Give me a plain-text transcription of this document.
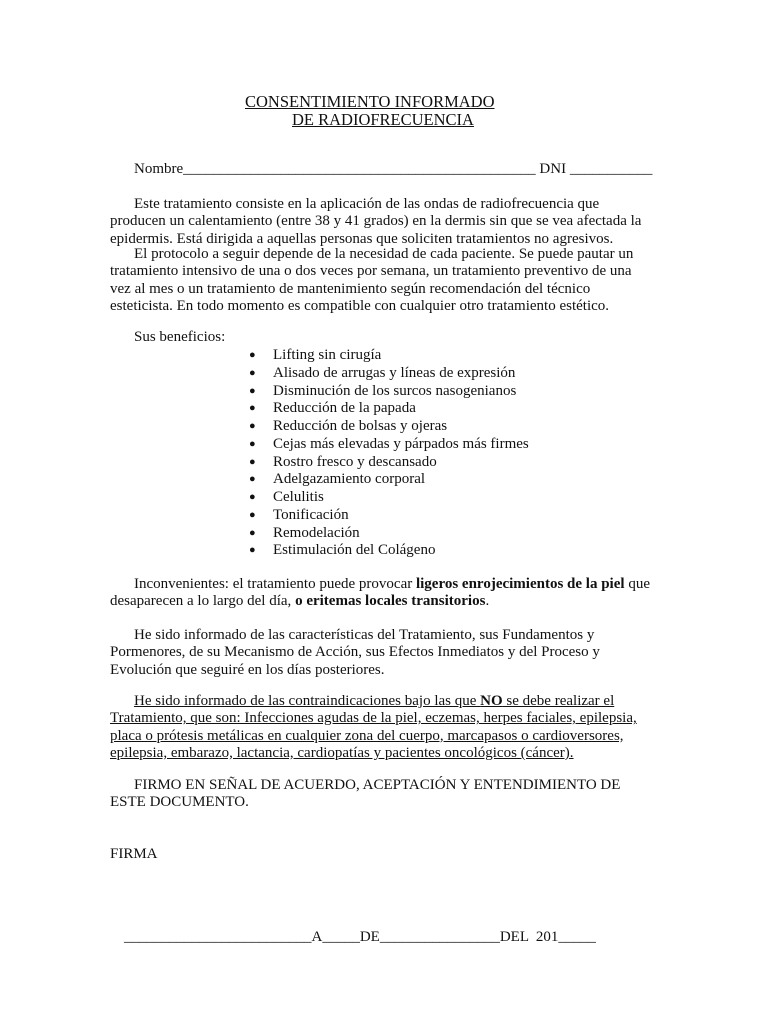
CONSENTIMIENTO INFORMADO
DE RADIOFRECUENCIA
Nombre_______________________________________________ DNI ___________
Este tratamiento consiste en la aplicación de las ondas de radiofrecuencia que producen un calentamiento (entre 38 y 41 grados) en la dermis sin que se vea afectada la epidermis. Está dirigida a aquellas personas que soliciten tratamientos no agresivos.
El protocolo a seguir depende de la necesidad de cada paciente. Se puede pautar un tratamiento intensivo de una o dos veces por semana, un tratamiento preventivo de una vez al mes o un tratamiento de mantenimiento según recomendación del técnico esteticista. En todo momento es compatible con cualquier otro tratamiento estético.
Sus beneficios:
● Lifting sin cirugía
● Alisado de arrugas y líneas de expresión
● Disminución de los surcos nasogenianos
● Reducción de la papada
● Reducción de bolsas y ojeras
● Cejas más elevadas y párpados más firmes
● Rostro fresco y descansado
● Adelgazamiento corporal
● Celulitis
● Tonificación
● Remodelación
● Estimulación del Colágeno
Inconvenientes: el tratamiento puede provocar ligeros enrojecimientos de la piel que desaparecen a lo largo del día, o eritemas locales transitorios.
He sido informado de las características del Tratamiento, sus Fundamentos y Pormenores, de su Mecanismo de Acción, sus Efectos Inmediatos y del Proceso y Evolución que seguiré en los días posteriores.
He sido informado de las contraindicaciones bajo las que NO se debe realizar el Tratamiento, que son: Infecciones agudas de la piel, eczemas, herpes faciales, epilepsia, placa o prótesis metálicas en cualquier zona del cuerpo, marcapasos o cardioversores, epilepsia, embarazo, lactancia, cardiopatías y pacientes oncológicos (cáncer).
FIRMO EN SEÑAL DE ACUERDO, ACEPTACIÓN Y ENTENDIMIENTO DE ESTE DOCUMENTO.
FIRMA
_________________________A_____DE________________DEL  201_____
